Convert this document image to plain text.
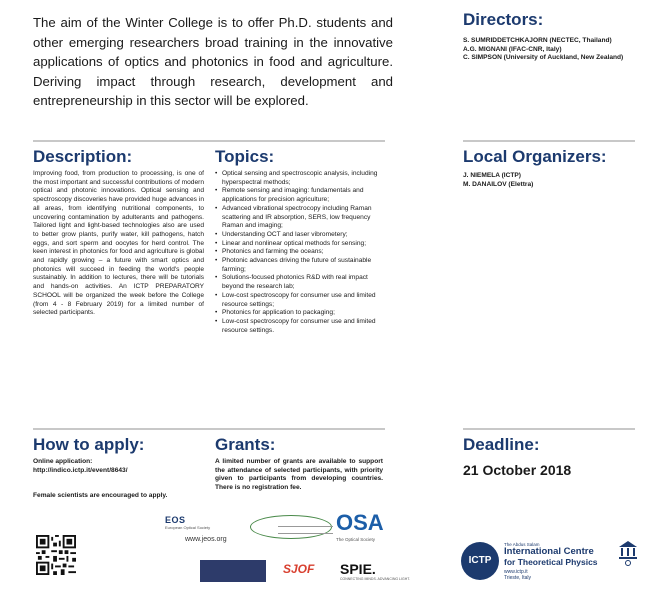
The aim of the Winter College is to offer Ph.D. students and other emerging researchers broad training in the innovative applications of optics and photonics in food and agriculture. Deriving impact through research, development and entrepreneurship in this sector will be explored.
Directors:
S. SUMRIDDETCHKAJORN (NECTEC, Thailand)
A.G. MIGNANI (IFAC-CNR, Italy)
C. SIMPSON (University of Auckland, New Zealand)
Description:
Improving food, from production to processing, is one of the most important and successful contributions of modern optical and photonic innovations. Optical sensing and spectroscopy discoveries have provided huge advances in all areas, from identifying nutritional components, to uncovering contamination by adulterants and pathogens. Tailored light and light-based technologies also are used to better grow plants, purify water, kill pathogens, hatch eggs, and sort sperm and oocytes for herd control. The keen interest in photonics for food and agriculture is global and rapidly growing – a future with smart optics and photonics will succeed in feeding the world's people sustainably. In addition to lectures, there will be tutorials and hands-on activities. An ICTP PREPARATORY SCHOOL will be organized the week before the College (from 4 - 8 February 2019) for a limited number of selected participants.
Topics:
• Optical sensing and spectroscopic analysis, including hyperspectral methods;
• Remote sensing and imaging: fundamentals and applications for precision agriculture;
• Advanced vibrational spectrocopy including Raman scattering and IR absorption, SERS, low frequency Raman and imaging;
• Understanding OCT and laser vibrometery;
• Linear and nonlinear optical methods for sensing;
• Photonics and farming the oceans;
• Photonic advances driving the future of sustainable farming;
• Solutions-focused photonics R&D with real impact beyond the research lab;
• Low-cost spectroscopy for consumer use and limited resource settings;
• Photonics for application to packaging;
• Low-cost spectroscopy for consumer use and limited resource settings.
Local Organizers:
J. NIEMELA (ICTP)
M. DANAILOV (Elettra)
How to apply:
Online application:
http://indico.ictp.it/event/8643/
Female scientists are encouraged to apply.
Grants:
A limited number of grants are available to support the attendance of selected participants, with priority given to participants from developing countries. There is no registration fee.
Deadline:
21 October 2018
EOS
European Optical Society
www.jeos.org
OSA
The Optical Society
SJOF SPIE.
CONNECTING MINDS. ADVANCING LIGHT.
ICTP
The Abdus Salam
International Centre
for Theoretical Physics
www.ictp.it
Trieste, Italy
